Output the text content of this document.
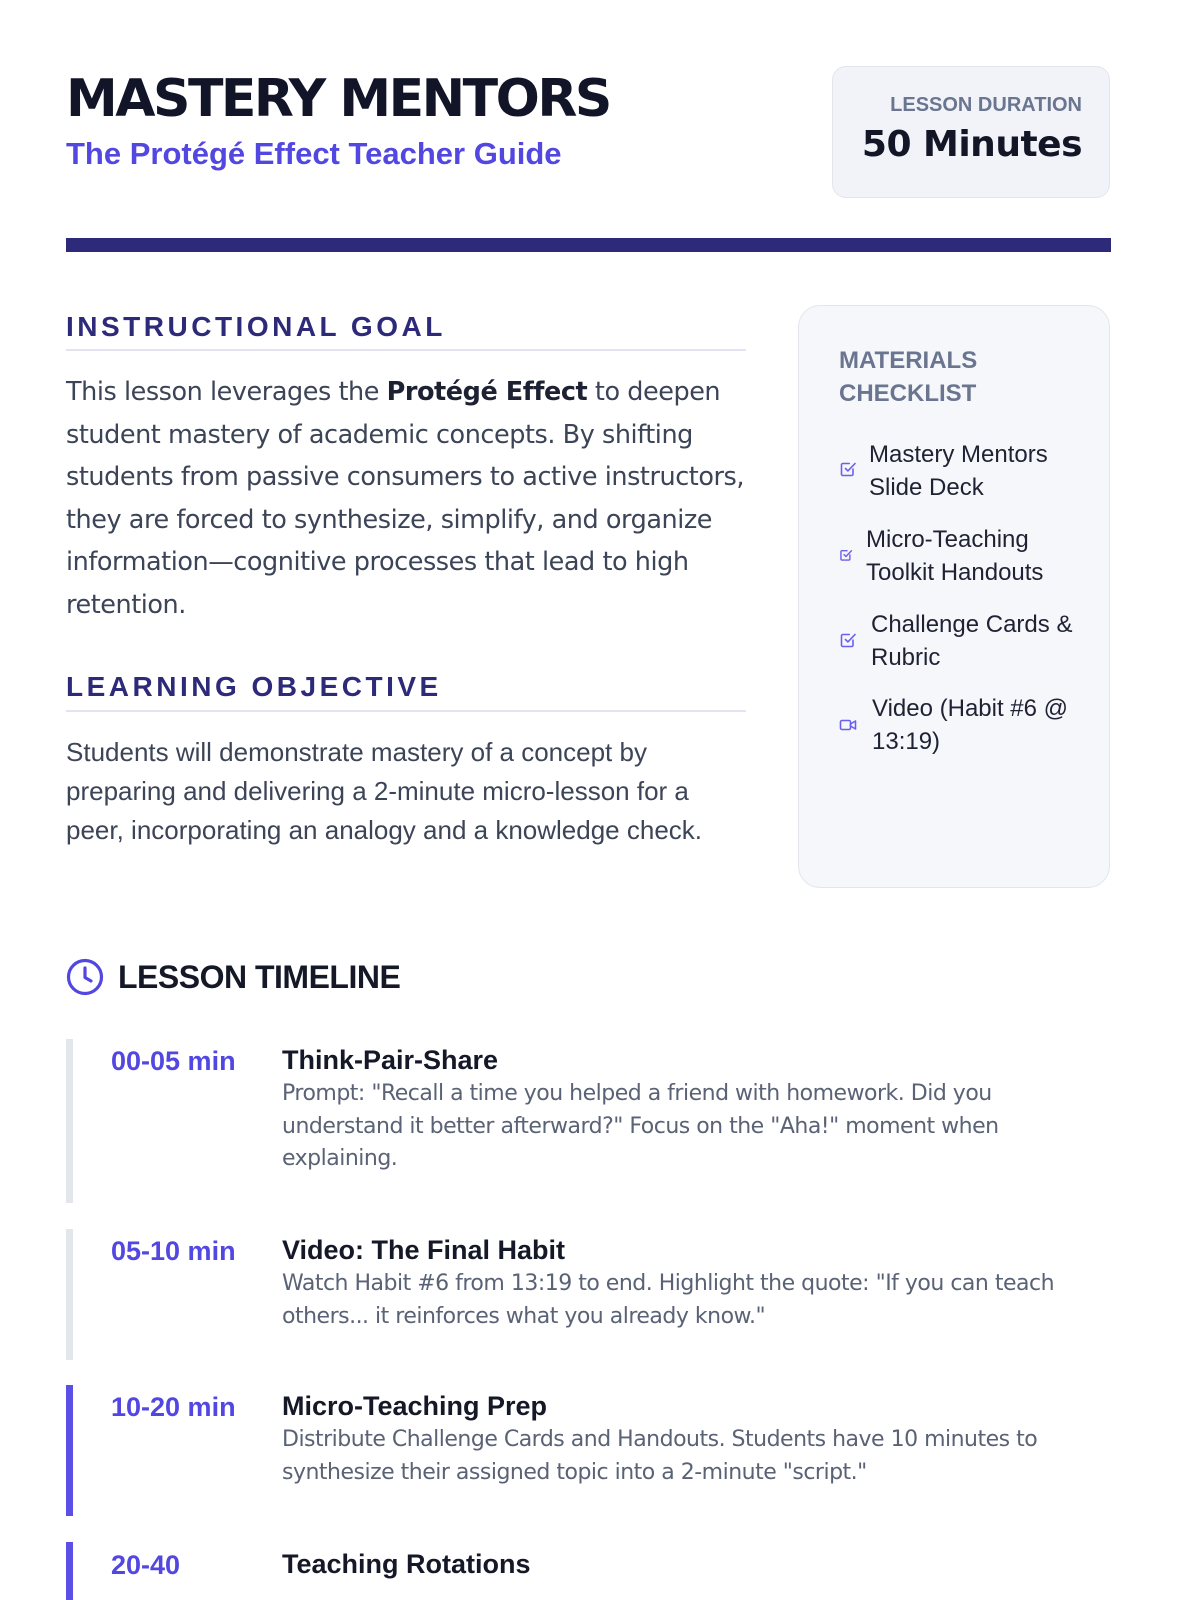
MASTERY MENTORS
The Protégé Effect Teacher Guide
LESSON DURATION
50 Minutes
INSTRUCTIONAL GOAL

This lesson leverages the Protégé Effect to deepen student mastery of academic concepts. By shifting students from passive consumers to active instructors, they are forced to synthesize, simplify, and organize information—cognitive processes that lead to high retention.

LEARNING OBJECTIVE

Students will demonstrate mastery of a concept by preparing and delivering a 2-minute micro-lesson for a peer, incorporating an analogy and a knowledge check.

MATERIALS CHECKLIST
Mastery Mentors Slide Deck
Micro-Teaching Toolkit Handouts
Challenge Cards & Rubric
Video (Habit #6 @ 13:19)
LESSON TIMELINE
00-05 min	Think-Pair-Share

Prompt: "Recall a time you helped a friend with homework. Did you understand it better afterward?" Focus on the "Aha!" moment when explaining.

05-10 min	Video: The Final Habit

Watch Habit #6 from 13:19 to end. Highlight the quote: "If you can teach others... it reinforces what you already know."

10-20 min	Micro-Teaching Prep

Distribute Challenge Cards and Handouts. Students have 10 minutes to synthesize their assigned topic into a 2-minute "script."

20-40	Teaching Rotations
